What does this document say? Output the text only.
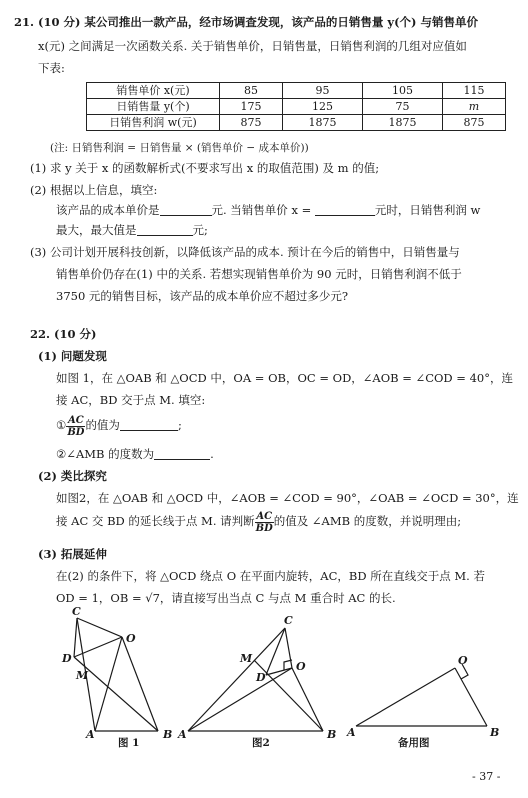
21. (10 分) 某公司推出一款产品，经市场调查发现，该产品的日销售量 y(个) 与销售单价
x(元) 之间满足一次函数关系. 关于销售单价，日销售量，日销售利润的几组对应值如
下表:
销售单价 x(元)	85	95	105	115
日销售量 y(个)	175	125	75	m
日销售利润 w(元)	875	1875	1875	875
(注: 日销售利润 = 日销售量 × (销售单价 − 成本单价))
(1) 求 y 关于 x 的函数解析式(不要求写出 x 的取值范围) 及 m 的值;
(2) 根据以上信息，填空:
该产品的成本单价是	元. 当销售单价 x =	元时，日销售利润 w
最大，最大值是	元;
(3) 公司计划开展科技创新，以降低该产品的成本. 预计在今后的销售中，日销售量与
销售单价仍存在(1) 中的关系. 若想实现销售单价为 90 元时，日销售利润不低于
3750 元的销售目标，该产品的成本单价应不超过多少元?
22. (10 分)
(1) 问题发现
如图 1，在 △OAB 和 △OCD 中，OA = OB，OC = OD，∠AOB = ∠COD = 40°，连
接 AC，BD 交于点 M. 填空:
① $\frac{AC}{BD}$ 的值为	;
②∠AMB 的度数为	.
(2) 类比探究
如图2，在 △OAB 和 △OCD 中，∠AOB = ∠COD = 90°，∠OAB = ∠OCD = 30°，连
接 AC 交 BD 的延长线于点 M. 请判断 $\frac{AC}{BD}$ 的值及 ∠AMB 的度数，并说明理由;
(3) 拓展延伸
在(2) 的条件下，将 △OCD 绕点 O 在平面内旋转，AC，BD 所在直线交于点 M. 若
OD = 1，OB = √7，请直接写出当点 C 与点 M 重合时 AC 的长.
C
O
D
M
A	B
图 1
C
M
D
O
A	B
图2
O
A	B
备用图
- 37 -
